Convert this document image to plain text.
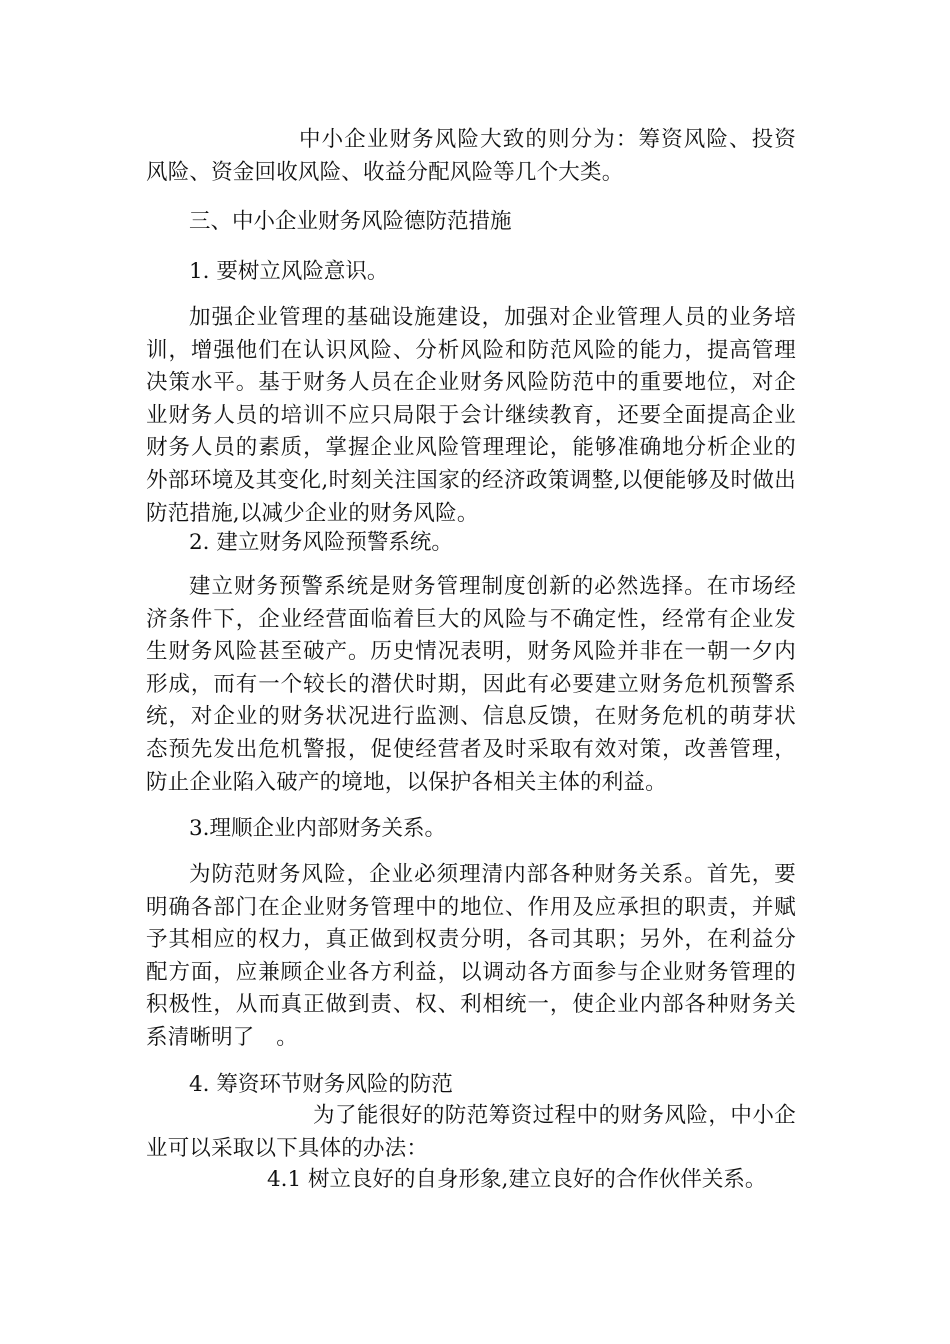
中小企业财务风险大致的则分为：筹资风险、投资风险、资金回收风险、收益分配风险等几个大类。

三、中小企业财务风险德防范措施

1. 要树立风险意识。

加强企业管理的基础设施建设，加强对企业管理人员的业务培训，增强他们在认识风险、分析风险和防范风险的能力，提高管理决策水平。基于财务人员在企业财务风险防范中的重要地位，对企业财务人员的培训不应只局限于会计继续教育，还要全面提高企业财务人员的素质，掌握企业风险管理理论，能够准确地分析企业的外部环境及其变化,时刻关注国家的经济政策调整,以便能够及时做出防范措施,以减少企业的财务风险。

2. 建立财务风险预警系统。

建立财务预警系统是财务管理制度创新的必然选择。在市场经济条件下，企业经营面临着巨大的风险与不确定性，经常有企业发生财务风险甚至破产。历史情况表明，财务风险并非在一朝一夕内形成，而有一个较长的潜伏时期，因此有必要建立财务危机预警系统，对企业的财务状况进行监测、信息反馈，在财务危机的萌芽状态预先发出危机警报，促使经营者及时采取有效对策，改善管理，防止企业陷入破产的境地，以保护各相关主体的利益。

3.理顺企业内部财务关系。

为防范财务风险，企业必须理清内部各种财务关系。首先，要明确各部门在企业财务管理中的地位、作用及应承担的职责，并赋予其相应的权力，真正做到权责分明，各司其职；另外，在利益分配方面，应兼顾企业各方利益，以调动各方面参与企业财务管理的积极性，从而真正做到责、权、利相统一，使企业内部各种财务关系清晰明了　。

4. 筹资环节财务风险的防范

为了能很好的防范筹资过程中的财务风险，中小企业可以采取以下具体的办法：

4.1 树立良好的自身形象,建立良好的合作伙伴关系。
